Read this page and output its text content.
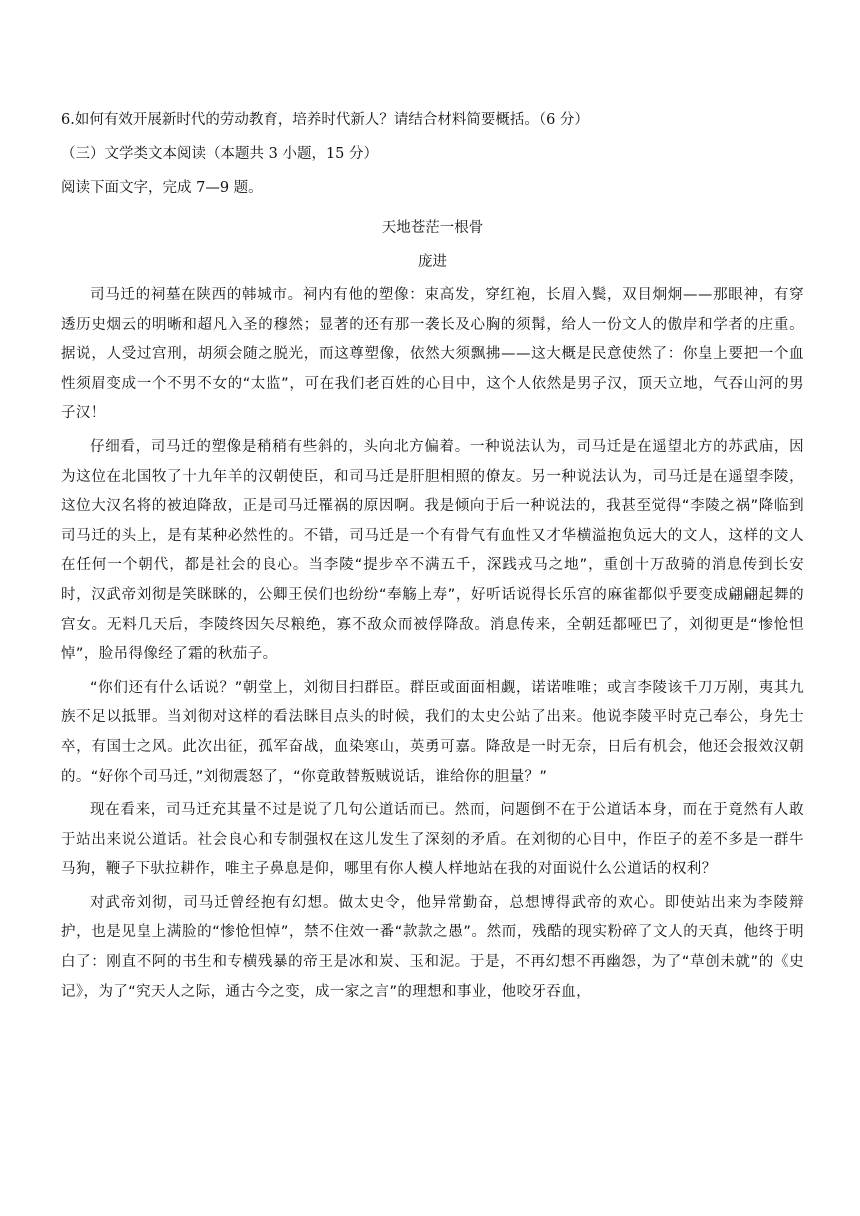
6.如何有效开展新时代的劳动教育，培养时代新人？请结合材料简要概括。（6 分）
（三）文学类文本阅读（本题共 3 小题，15 分）
阅读下面文字，完成 7—9 题。
天地苍茫一根骨
庞进

司马迁的祠墓在陕西的韩城市。祠内有他的塑像：束高发，穿红袍，长眉入鬓，双目炯炯——那眼神，有穿透历史烟云的明晰和超凡入圣的穆然；显著的还有那一袭长及心胸的须髯，给人一份文人的傲岸和学者的庄重。据说，人受过宫刑，胡须会随之脱光，而这尊塑像，依然大须飘拂——这大概是民意使然了：你皇上要把一个血性须眉变成一个不男不女的“太监”，可在我们老百姓的心目中，这个人依然是男子汉，顶天立地，气吞山河的男子汉！

仔细看，司马迁的塑像是稍稍有些斜的，头向北方偏着。一种说法认为，司马迁是在遥望北方的苏武庙，因为这位在北国牧了十九年羊的汉朝使臣，和司马迁是肝胆相照的僚友。另一种说法认为，司马迁是在遥望李陵，这位大汉名将的被迫降敌，正是司马迁罹祸的原因啊。我是倾向于后一种说法的，我甚至觉得“李陵之祸”降临到司马迁的头上，是有某种必然性的。不错，司马迁是一个有骨气有血性又才华横溢抱负远大的文人，这样的文人在任何一个朝代，都是社会的良心。当李陵“提步卒不满五千，深践戎马之地”，重创十万敌骑的消息传到长安时，汉武帝刘彻是笑眯眯的，公卿王侯们也纷纷“奉觞上寿”，好听话说得长乐宫的麻雀都似乎要变成翩翩起舞的宫女。无料几天后，李陵终因矢尽粮绝，寡不敌众而被俘降敌。消息传来，全朝廷都哑巴了，刘彻更是“惨怆怛悼”，脸吊得像经了霜的秋茄子。

“你们还有什么话说？”朝堂上，刘彻目扫群臣。群臣或面面相觑，诺诺唯唯；或言李陵该千刀万剐，夷其九族不足以抵罪。当刘彻对这样的看法眯目点头的时候，我们的太史公站了出来。他说李陵平时克己奉公，身先士卒，有国士之风。此次出征，孤军奋战，血染寒山，英勇可嘉。降敌是一时无奈，日后有机会，他还会报效汉朝的。“好你个司马迁，”刘彻震怒了，“你竟敢替叛贼说话，谁给你的胆量？”

现在看来，司马迁充其量不过是说了几句公道话而已。然而，问题倒不在于公道话本身，而在于竟然有人敢于站出来说公道话。社会良心和专制强权在这儿发生了深刻的矛盾。在刘彻的心目中，作臣子的差不多是一群牛马狗，鞭子下驮拉耕作，唯主子鼻息是仰，哪里有你人模人样地站在我的对面说什么公道话的权利？

对武帝刘彻，司马迁曾经抱有幻想。做太史令，他异常勤奋，总想博得武帝的欢心。即使站出来为李陵辩护，也是见皇上满脸的“惨怆怛悼”，禁不住效一番“款款之愚”。然而，残酷的现实粉碎了文人的天真，他终于明白了：刚直不阿的书生和专横残暴的帝王是冰和炭、玉和泥。于是，不再幻想不再幽怨，为了“草创未就”的《史记》，为了“究天人之际，通古今之变，成一家之言”的理想和事业，他咬牙吞血，
